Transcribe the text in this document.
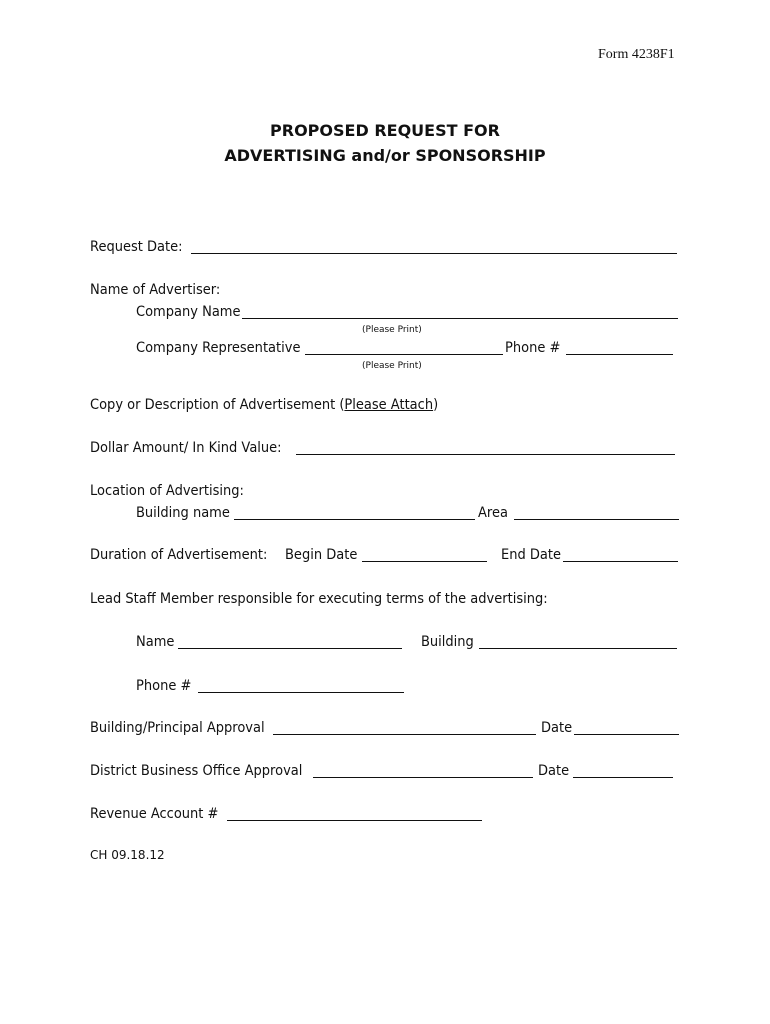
Form 4238F1
PROPOSED REQUEST FOR
ADVERTISING and/or SPONSORSHIP
Request Date:
Name of Advertiser:
Company Name
(Please Print)
Company Representative	Phone #
(Please Print)
Copy or Description of Advertisement (Please Attach)
Dollar Amount/ In Kind Value:
Location of Advertising:
Building name	Area
Duration of Advertisement: Begin Date	End Date
Lead Staff Member responsible for executing terms of the advertising:
Name	Building
Phone #
Building/Principal Approval	Date
District Business Office Approval	Date
Revenue Account #
CH 09.18.12
